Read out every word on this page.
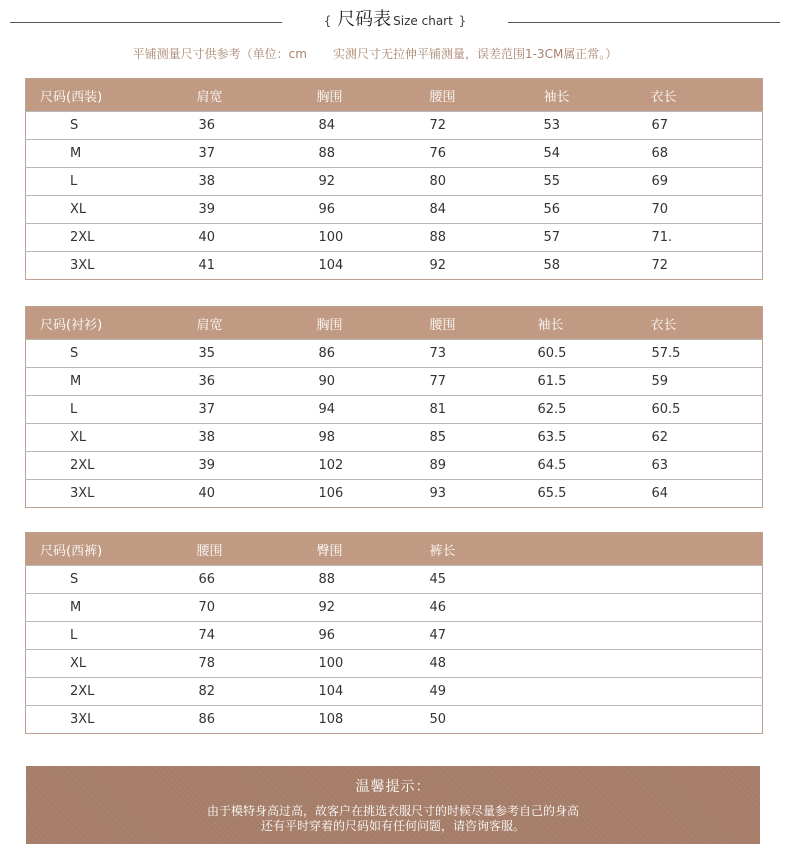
{ 尺码表 Size chart }
平铺测量尺寸供参考（单位：cm 实测尺寸无拉伸平铺测量，误差范围1-3CM属正常。）
尺码(西装)	肩宽	胸围	腰围	袖长	衣长
S	36	84	72	53	67
M	37	88	76	54	68
L	38	92	80	55	69
XL	39	96	84	56	70
2XL	40	100	88	57	71.
3XL	41	104	92	58	72
尺码(衬衫)	肩宽	胸围	腰围	袖长	衣长
S	35	86	73	60.5	57.5
M	36	90	77	61.5	59
L	37	94	81	62.5	60.5
XL	38	98	85	63.5	62
2XL	39	102	89	64.5	63
3XL	40	106	93	65.5	64
尺码(西裤)	腰围	臀围	裤长
S	66	88	45
M	70	92	46
L	74	96	47
XL	78	100	48
2XL	82	104	49
3XL	86	108	50
温馨提示：
由于模特身高过高，故客户在挑选衣服尺寸的时候尽量参考自己的身高
还有平时穿着的尺码如有任何问题，请咨询客服。
